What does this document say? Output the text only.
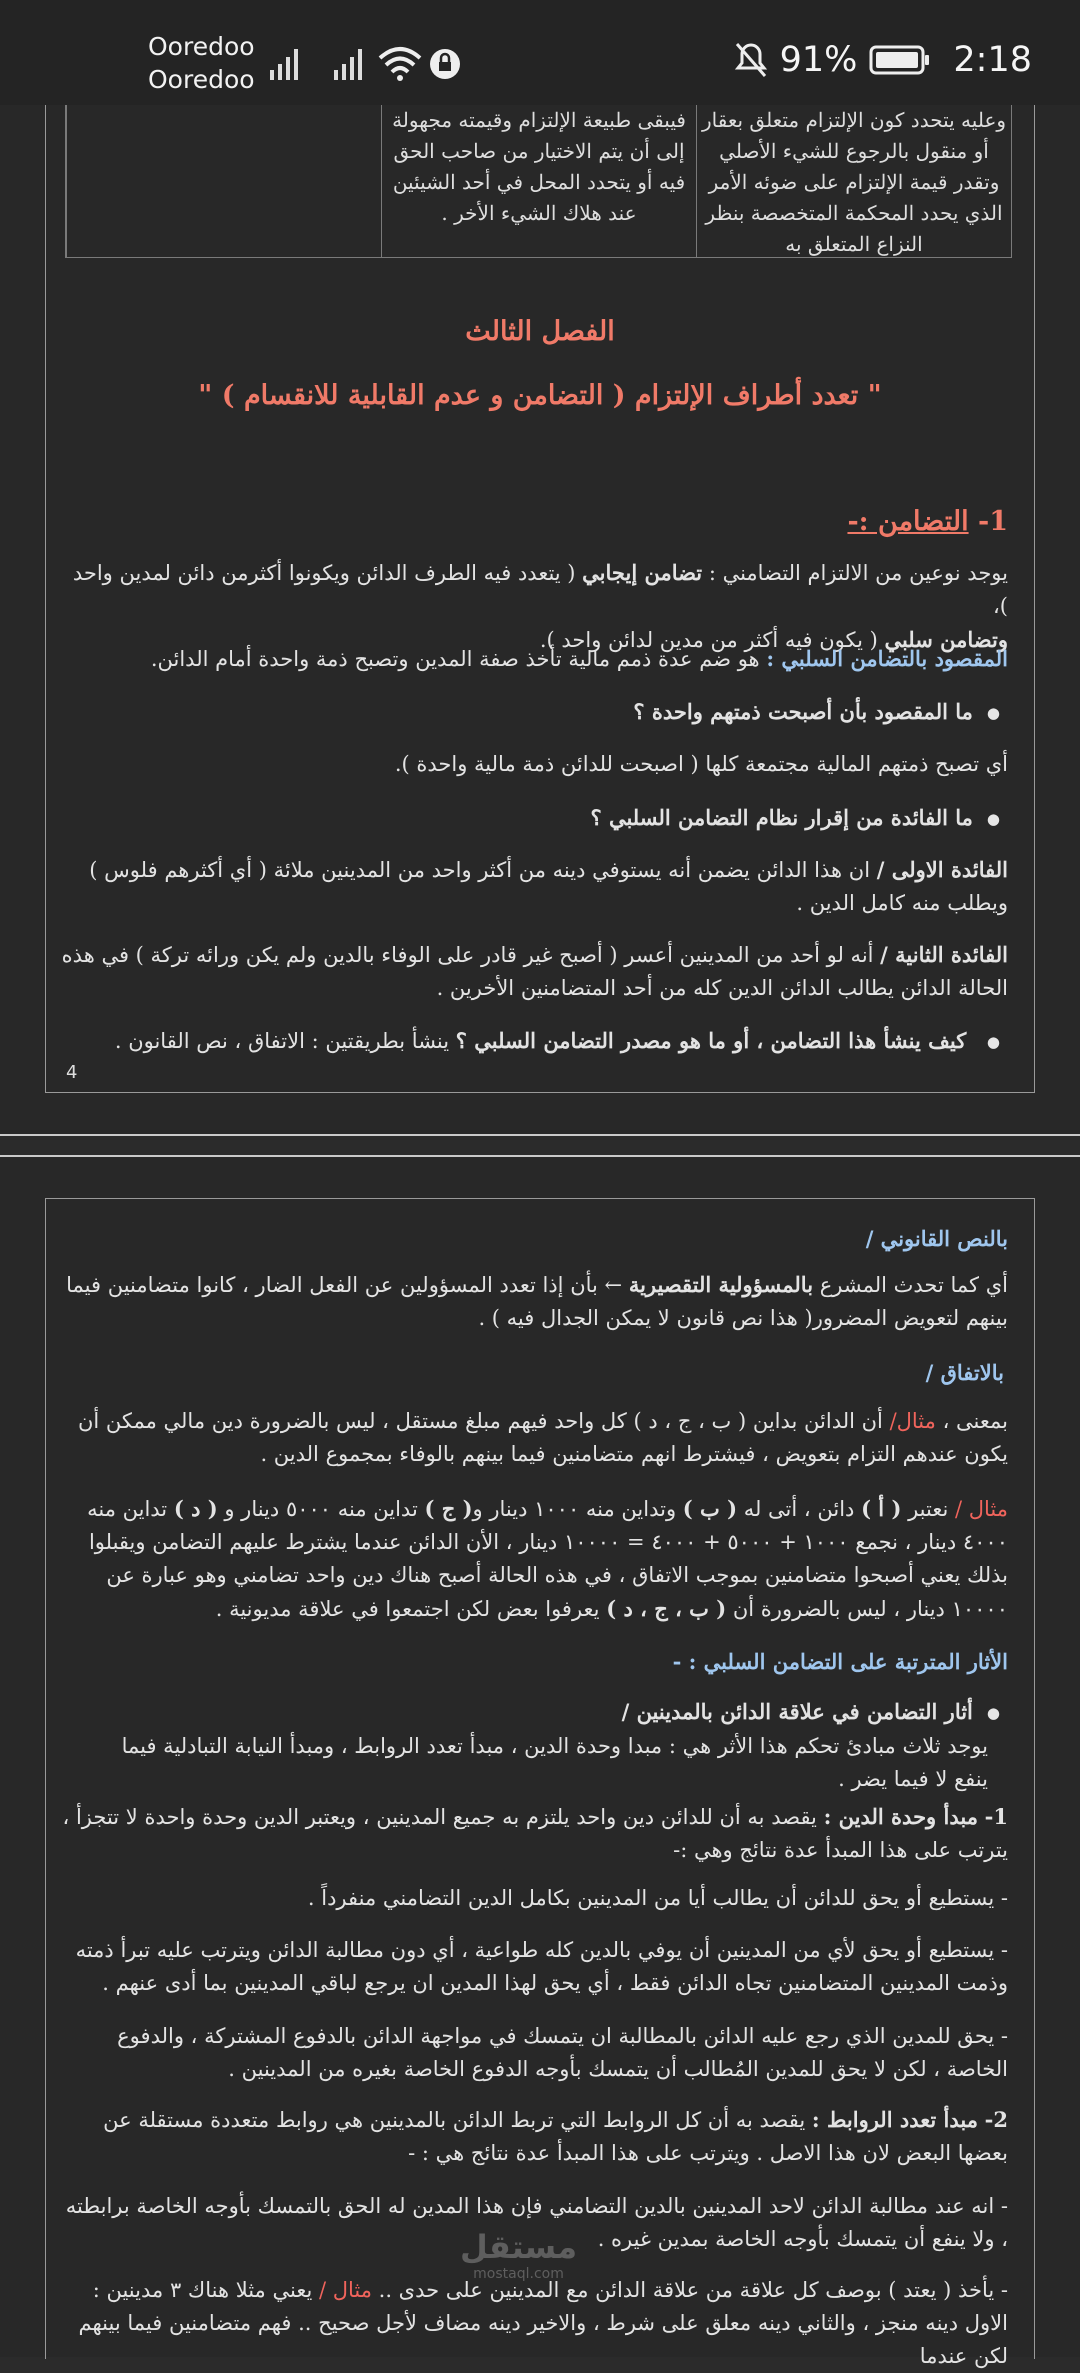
Ooredoo
Ooredoo	91%	2:18
فيبقى طبيعة الإلتزام وقيمته مجهولة إلى أن يتم الاختيار من صاحب الحق فيه أو يتحدد المحل في أحد الشيئين عند هلاك الشيء الأخر .
وعليه يتحدد كون الإلتزام متعلق بعقار أو منقول بالرجوع للشيء الأصلي وتقدر قيمة الإلتزام على ضوئه الأمر الذي يحدد المحكمة المتخصصة بنظر النزاع المتعلق به
الفصل الثالث
" تعدد أطراف الإلتزام ( التضامن و عدم القابلية للانقسام ) "
1- التضامن :-
يوجد نوعين من الالتزام التضامني : تضامن إيجابي ( يتعدد فيه الطرف الدائن ويكونوا أكثرمن دائن لمدين واحد )،
وتضامن سلبي ( يكون فيه أكثر من مدين لدائن واحد ).
المقصود بالتضامن السلبي : هو ضم عدة ذمم مالية تأخذ صفة المدين وتصبح ذمة واحدة أمام الدائن.
● ما المقصود بأن أصبحت ذمتهم واحدة ؟
أي تصبح ذمتهم المالية مجتمعة كلها ( اصبحت للدائن ذمة مالية واحدة ).
● ما الفائدة من إقرار نظام التضامن السلبي ؟
الفائدة الاولى / ان هذا الدائن يضمن أنه يستوفي دينه من أكثر واحد من المدينين ملائة ( أي أكثرهم فلوس ) ويطلب منه كامل الدين .
الفائدة الثانية / أنه لو أحد من المدينين أعسر ( أصبح غير قادر على الوفاء بالدين ولم يكن ورائه تركة ) في هذه الحالة الدائن يطالب الدائن الدين كله من أحد المتضامنين الأخرين .
● كيف ينشأ هذا التضامن ، أو ما هو مصدر التضامن السلبي ؟ ينشأ بطريقتين : الاتفاق ، نص القانون .
4
بالنص القانوني /
أي كما تحدث المشرع بالمسؤولية التقصيرية ← بأن إذا تعدد المسؤولين عن الفعل الضار ، كانوا متضامنين فيما بينهم لتعويض المضرور( هذا نص قانون لا يمكن الجدال فيه ) .
بالاتفاق /
بمعنى ، مثال/ أن الدائن بداين ( ب ، ج ، د ) كل واحد فيهم مبلغ مستقل ، ليس بالضرورة دين مالي ممكن أن يكون عندهم التزام بتعويض ، فيشترط انهم متضامنين فيما بينهم بالوفاء بمجموع الدين .
مثال / نعتبر ( أ ) دائن ، أتى له ( ب ) وتداين منه ١٠٠٠ دينار و( ج ) تداين منه ٥٠٠٠ دينار و ( د ) تداين منه ٤٠٠٠ دينار ، نجمع ١٠٠٠ + ٥٠٠٠ + ٤٠٠٠ = ١٠٠٠٠ دينار ، الأن الدائن عندما يشترط عليهم التضامن ويقبلوا بذلك يعني أصبحوا متضامنين بموجب الاتفاق ، في هذه الحالة أصبح هناك دين واحد تضامني وهو عبارة عن ١٠٠٠٠ دينار ، ليس بالضرورة أن ( ب ، ج ، د ) يعرفوا بعض لكن اجتمعوا في علاقة مديونية .
الأثار المترتبة على التضامن السلبي : -
● أثار التضامن في علاقة الدائن بالمدينين /
يوجد ثلاث مبادئ تحكم هذا الأثر هي : مبدا وحدة الدين ، مبدأ تعدد الروابط ، ومبدأ النيابة التبادلية فيما ينفع لا فيما يضر .
1- مبدأ وحدة الدين : يقصد به أن للدائن دين واحد يلتزم به جميع المدينين ، ويعتبر الدين وحدة واحدة لا تتجزأ ، يترتب على هذا المبدأ عدة نتائج وهي :-
- يستطيع أو يحق للدائن أن يطالب أيا من المدينين بكامل الدين التضامني منفرداً .
- يستطيع أو يحق لأي من المدينين أن يوفي بالدين كله طواعية ، أي دون مطالبة الدائن ويترتب عليه تبرأ ذمته وذمت المدينين المتضامنين تجاه الدائن فقط ، أي يحق لهذا المدين ان يرجع لباقي المدينين بما أدى عنهم .
- يحق للمدين الذي رجع عليه الدائن بالمطالبة ان يتمسك في مواجهة الدائن بالدفوع المشتركة ، والدفوع الخاصة ، لكن لا يحق للمدين المُطالب أن يتمسك بأوجه الدفوع الخاصة بغيره من المدينين .
2- مبدأ تعدد الروابط : يقصد به أن كل الروابط التي تربط الدائن بالمدينين هي روابط متعددة مستقلة عن بعضها البعض لان هذا الاصل . ويترتب على هذا المبدأ عدة نتائج هي : -
- انه عند مطالبة الدائن لاحد المدينين بالدين التضامني فإن هذا المدين له الحق بالتمسك بأوجه الخاصة برابطته ، ولا ينفع أن يتمسك بأوجه الخاصة بمدين غيره .
- يأخذ ( يعتد ) بوصف كل علاقة من علاقة الدائن مع المدينين على حدى .. مثال / يعني مثلا هناك ٣ مدينين : الاول دينه منجز ، والثاني دينه معلق على شرط ، والاخير دينه مضاف لأجل صحيح .. فهم متضامنين فيما بينهم لكن عندما
مستقل
mostaql.com
